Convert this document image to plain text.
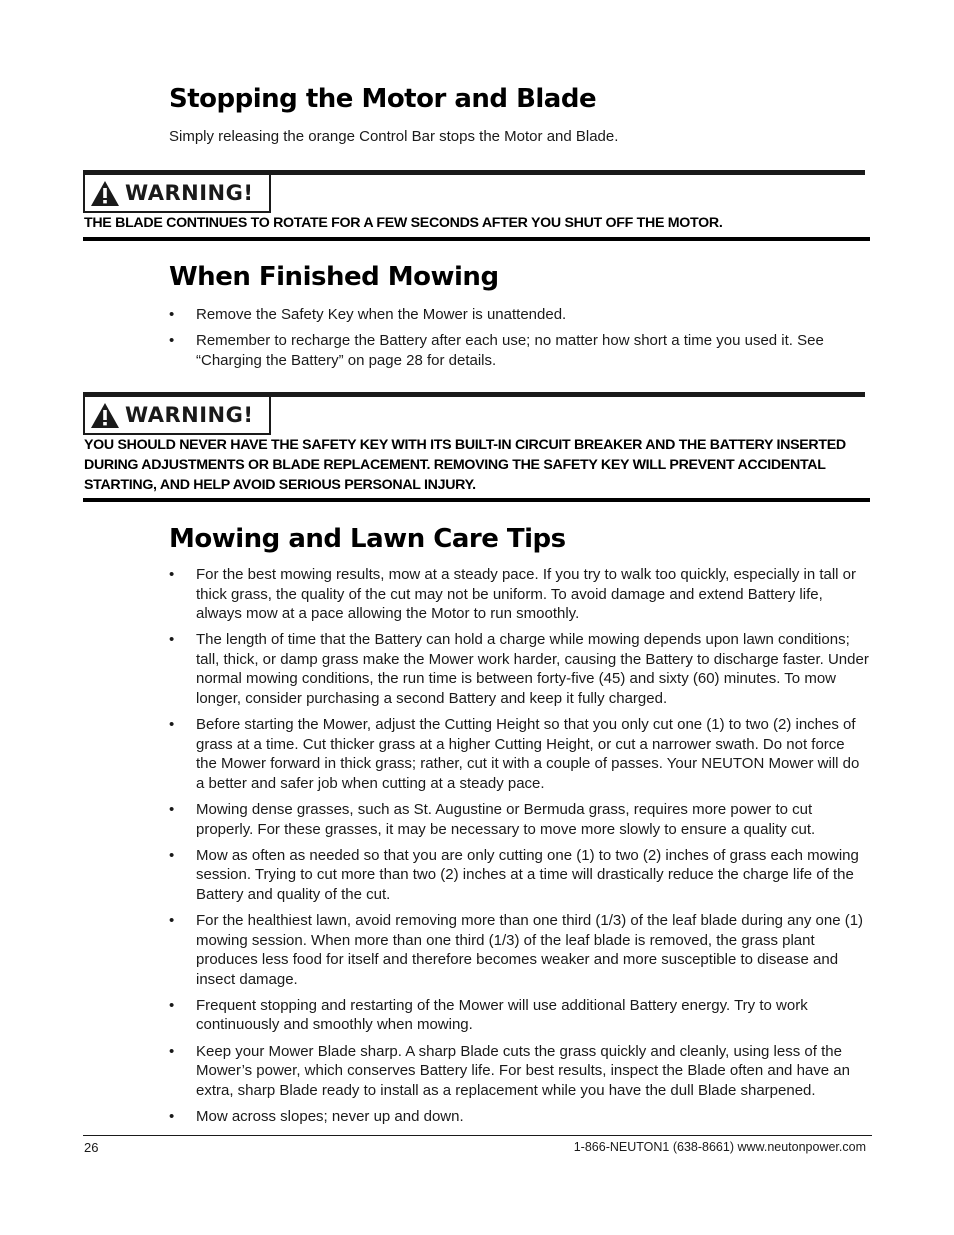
Stopping the Motor and Blade
Simply releasing the orange Control Bar stops the Motor and Blade.
WARNING!
THE BLADE CONTINUES TO ROTATE FOR A FEW SECONDS AFTER YOU SHUT OFF THE MOTOR.
When Finished Mowing
• Remove the Safety Key when the Mower is unattended.
• Remember to recharge the Battery after each use; no matter how short a time you used it. See “Charging the Battery” on page 28 for details.
WARNING!
YOU SHOULD NEVER HAVE THE SAFETY KEY WITH ITS BUILT-IN CIRCUIT BREAKER AND THE BATTERY INSERTED DURING ADJUSTMENTS OR BLADE REPLACEMENT. REMOVING THE SAFETY KEY WILL PREVENT ACCIDENTAL STARTING, AND HELP AVOID SERIOUS PERSONAL INJURY.
Mowing and Lawn Care Tips
• For the best mowing results, mow at a steady pace. If you try to walk too quickly, especially in tall or thick grass, the quality of the cut may not be uniform. To avoid damage and extend Battery life, always mow at a pace allowing the Motor to run smoothly.
• The length of time that the Battery can hold a charge while mowing depends upon lawn conditions; tall, thick, or damp grass make the Mower work harder, causing the Battery to discharge faster. Under normal mowing conditions, the run time is between forty-five (45) and sixty (60) minutes. To mow longer, consider purchasing a second Battery and keep it fully charged.
• Before starting the Mower, adjust the Cutting Height so that you only cut one (1) to two (2) inches of grass at a time. Cut thicker grass at a higher Cutting Height, or cut a narrower swath. Do not force the Mower forward in thick grass; rather, cut it with a couple of passes. Your NEUTON Mower will do a better and safer job when cutting at a steady pace.
• Mowing dense grasses, such as St. Augustine or Bermuda grass, requires more power to cut properly. For these grasses, it may be necessary to move more slowly to ensure a quality cut.
• Mow as often as needed so that you are only cutting one (1) to two (2) inches of grass each mowing session. Trying to cut more than two (2) inches at a time will drastically reduce the charge life of the Battery and quality of the cut.
• For the healthiest lawn, avoid removing more than one third (1/3) of the leaf blade during any one (1) mowing session. When more than one third (1/3) of the leaf blade is removed, the grass plant produces less food for itself and therefore becomes weaker and more susceptible to disease and insect damage.
• Frequent stopping and restarting of the Mower will use additional Battery energy. Try to work continuously and smoothly when mowing.
• Keep your Mower Blade sharp. A sharp Blade cuts the grass quickly and cleanly, using less of the Mower’s power, which conserves Battery life. For best results, inspect the Blade often and have an extra, sharp Blade ready to install as a replacement while you have the dull Blade sharpened.
• Mow across slopes; never up and down.
26	1-866-NEUTON1 (638-8661) www.neutonpower.com
